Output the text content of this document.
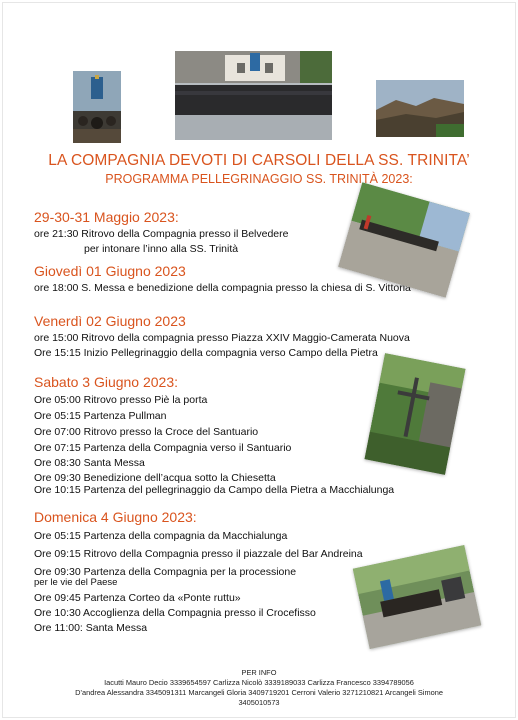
LA COMPAGNIA DEVOTI DI CARSOLI DELLA SS. TRINITA’
PROGRAMMA PELLEGRINAGGIO SS. TRINITÀ 2023:
29-30-31 Maggio 2023:
ore 21:30 Ritrovo della Compagnia presso il Belvedere
per intonare l’inno alla SS. Trinità
Giovedì 01 Giugno 2023
ore 18:00 S. Messa e benedizione della compagnia presso la chiesa di S. Vittoria
Venerdì 02 Giugno 2023
ore 15:00 Ritrovo della compagnia presso Piazza XXIV Maggio-Camerata Nuova
Ore 15:15 Inizio Pellegrinaggio della compagnia verso Campo della Pietra
Sabato 3 Giugno 2023:
Ore 05:00 Ritrovo presso Piè la porta
Ore 05:15 Partenza Pullman
Ore 07:00 Ritrovo presso la Croce del Santuario
Ore 07:15 Partenza della Compagnia verso il Santuario
Ore 08:30 Santa Messa
Ore 09:30 Benedizione dell’acqua sotto la Chiesetta
Ore 10:15 Partenza del pellegrinaggio da Campo della Pietra a Macchialunga
Domenica 4 Giugno 2023:
Ore 05:15 Partenza della compagnia da Macchialunga
Ore 09:15 Ritrovo della Compagnia presso il piazzale del Bar Andreina
Ore 09:30 Partenza della Compagnia per la processione
per le vie del Paese
Ore 09:45 Partenza Corteo da «Ponte ruttu»
Ore 10:30 Accoglienza della Compagnia presso il Crocefisso
Ore 11:00: Santa Messa
PER INFO
Iacutti Mauro Decio 3339654597 Carlizza Nicolò 3339189033 Carlizza Francesco 3394789056
D’andrea Alessandra 3345091311 Marcangeli Gloria 3409719201 Cerroni Valerio 3271210821 Arcangeli Simone
3405010573
